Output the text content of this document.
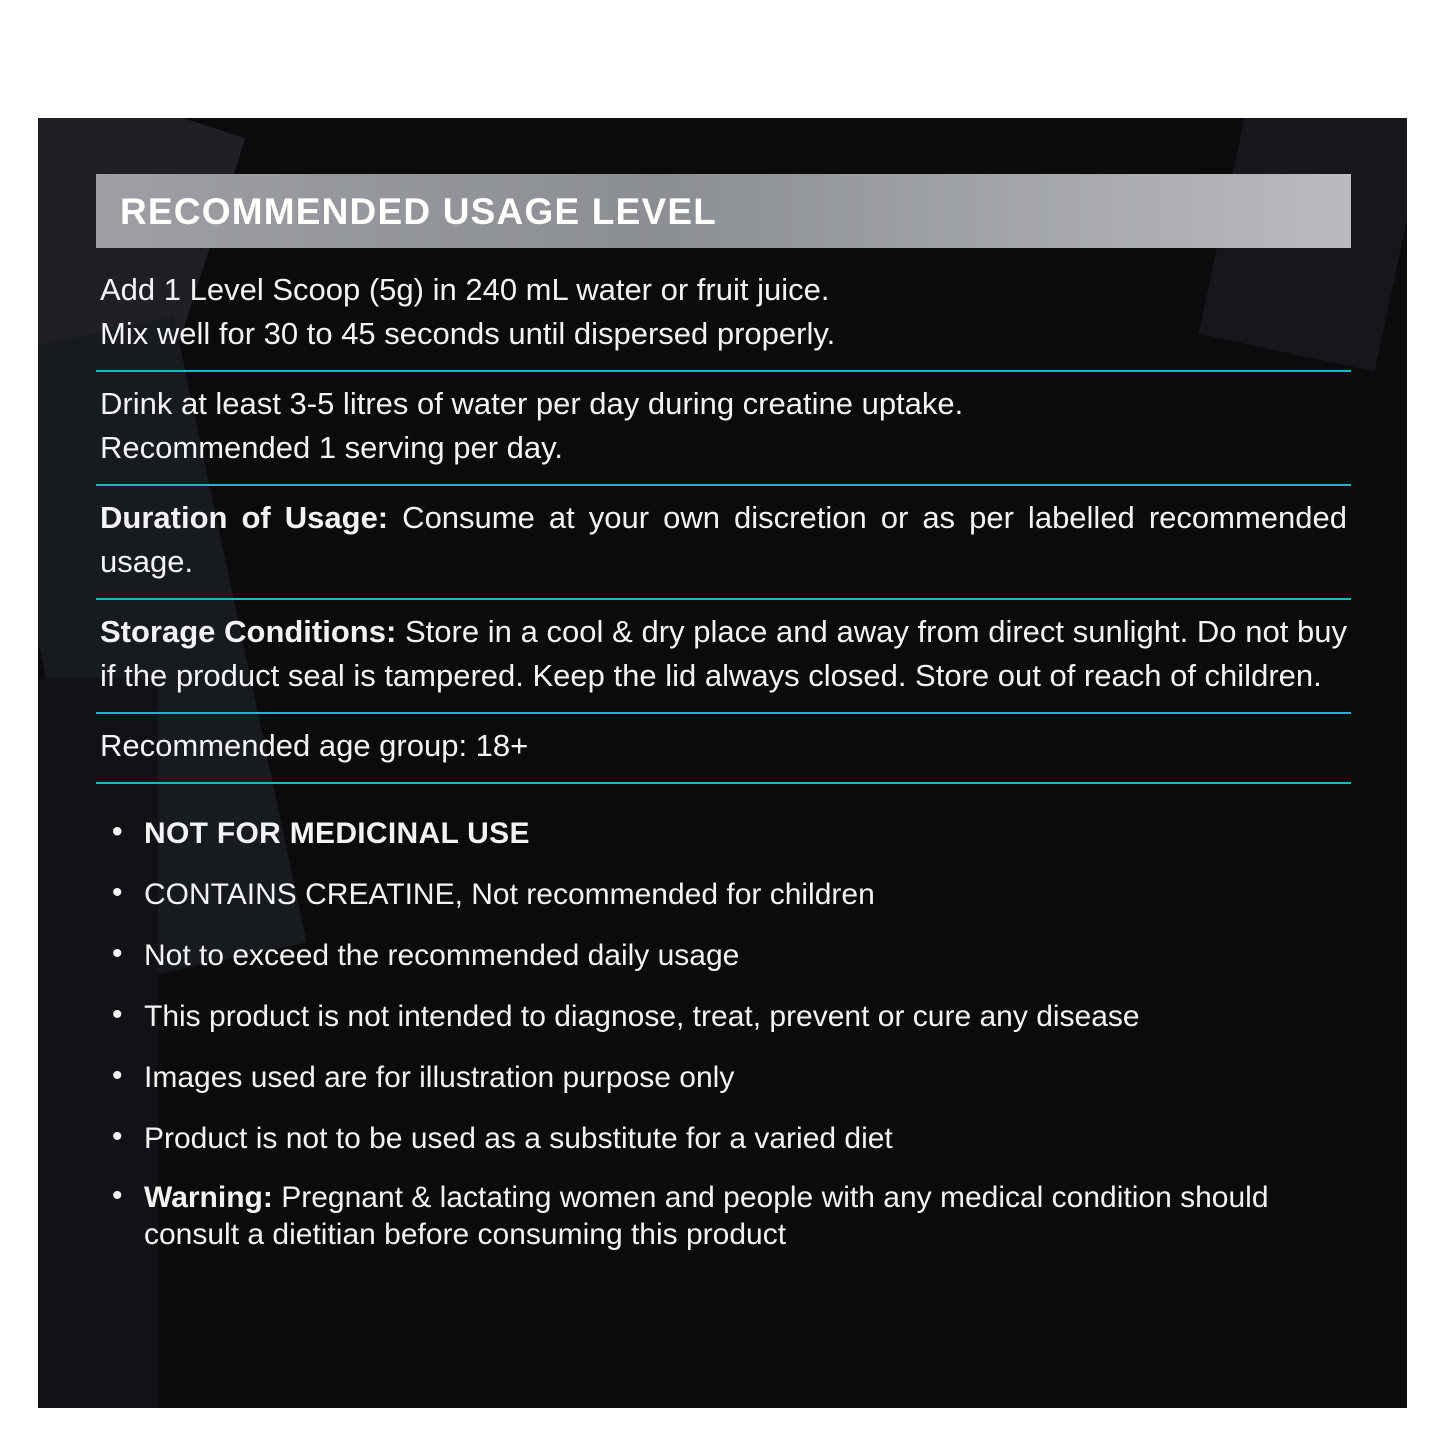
RECOMMENDED USAGE LEVEL
Add 1 Level Scoop (5g) in 240 mL water or fruit juice.
Mix well for 30 to 45 seconds until dispersed properly.
Drink at least 3-5 litres of water per day during creatine uptake.
Recommended 1 serving per day.
Duration of Usage: Consume at your own discretion or as per labelled recommended usage.
Storage Conditions: Store in a cool & dry place and away from direct sunlight. Do not buy if the product seal is tampered. Keep the lid always closed. Store out of reach of children.
Recommended age group: 18+
• NOT FOR MEDICINAL USE
• CONTAINS CREATINE, Not recommended for children
• Not to exceed the recommended daily usage
• This product is not intended to diagnose, treat, prevent or cure any disease
• Images used are for illustration purpose only
• Product is not to be used as a substitute for a varied diet
• Warning: Pregnant & lactating women and people with any medical condition should consult a dietitian before consuming this product
